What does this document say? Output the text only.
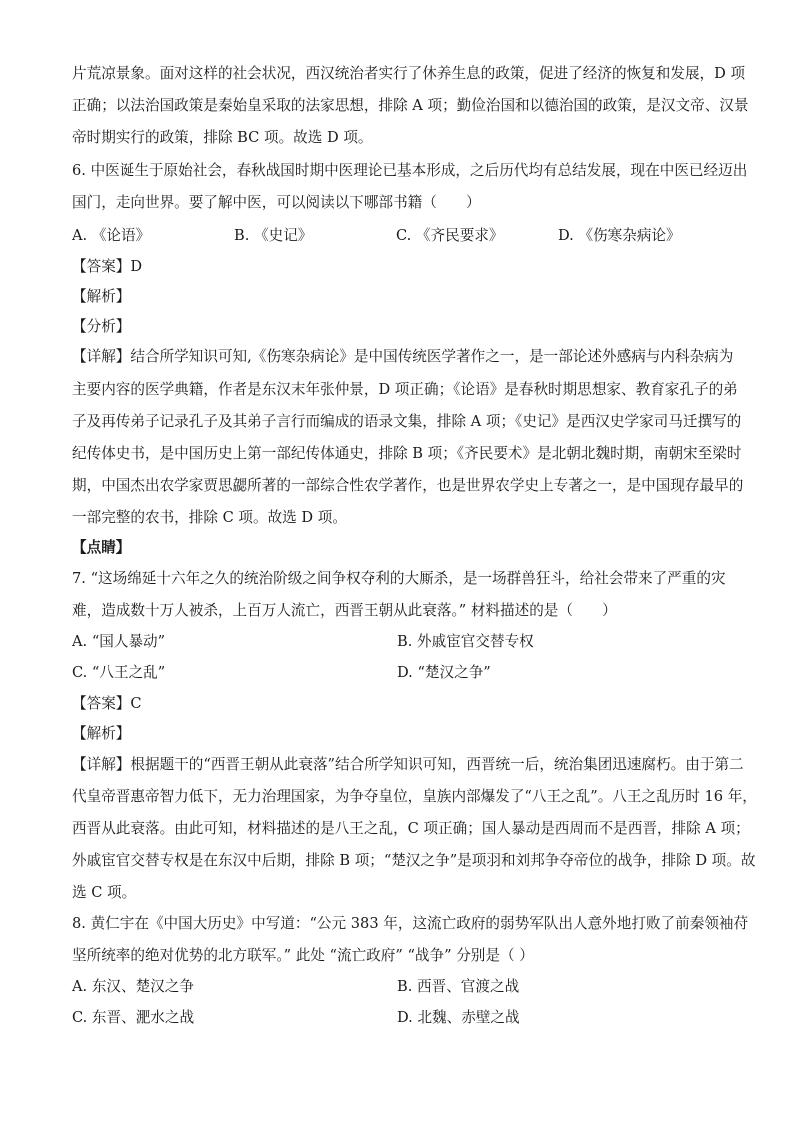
片荒凉景象。面对这样的社会状况，西汉统治者实行了休养生息的政策，促进了经济的恢复和发展，D 项
正确；以法治国政策是秦始皇采取的法家思想，排除 A 项；勤俭治国和以德治国的政策，是汉文帝、汉景
帝时期实行的政策，排除 BC 项。故选 D 项。
6. 中医诞生于原始社会，春秋战国时期中医理论已基本形成，之后历代均有总结发展，现在中医已经迈出
国门，走向世界。要了解中医，可以阅读以下哪部书籍（　　）
A. 《论语》	B. 《史记》	C. 《齐民要求》	D. 《伤寒杂病论》
【答案】D
【解析】
【分析】
【详解】结合所学知识可知,《伤寒杂病论》是中国传统医学著作之一，是一部论述外感病与内科杂病为
主要内容的医学典籍，作者是东汉末年张仲景，D 项正确；《论语》是春秋时期思想家、教育家孔子的弟
子及再传弟子记录孔子及其弟子言行而编成的语录文集，排除 A 项；《史记》是西汉史学家司马迁撰写的
纪传体史书，是中国历史上第一部纪传体通史，排除 B 项；《齐民要术》是北朝北魏时期，南朝宋至梁时
期，中国杰出农学家贾思勰所著的一部综合性农学著作，也是世界农学史上专著之一，是中国现存最早的
一部完整的农书，排除 C 项。故选 D 项。
【点睛】
7. “这场绵延十六年之久的统治阶级之间争权夺利的大厮杀，是一场群兽狂斗，给社会带来了严重的灾
难，造成数十万人被杀，上百万人流亡，西晋王朝从此衰落。” 材料描述的是（　　）
A. “国人暴动”	B. 外戚宦官交替专权
C. “八王之乱”	D. “楚汉之争”
【答案】C
【解析】
【详解】根据题干的“西晋王朝从此衰落”结合所学知识可知，西晋统一后，统治集团迅速腐朽。由于第二
代皇帝晋惠帝智力低下，无力治理国家，为争夺皇位，皇族内部爆发了“八王之乱”。八王之乱历时 16 年，
西晋从此衰落。由此可知，材料描述的是八王之乱，C 项正确；国人暴动是西周而不是西晋，排除 A 项；
外戚宦官交替专权是在东汉中后期，排除 B 项；“楚汉之争”是项羽和刘邦争夺帝位的战争，排除 D 项。故
选 C 项。
8. 黄仁宇在《中国大历史》中写道：“公元 383 年，这流亡政府的弱势军队出人意外地打败了前秦领袖苻
坚所统率的绝对优势的北方联军。” 此处 “流亡政府” “战争” 分别是（ ）
A. 东汉、楚汉之争	B. 西晋、官渡之战
C. 东晋、淝水之战	D. 北魏、赤壁之战
